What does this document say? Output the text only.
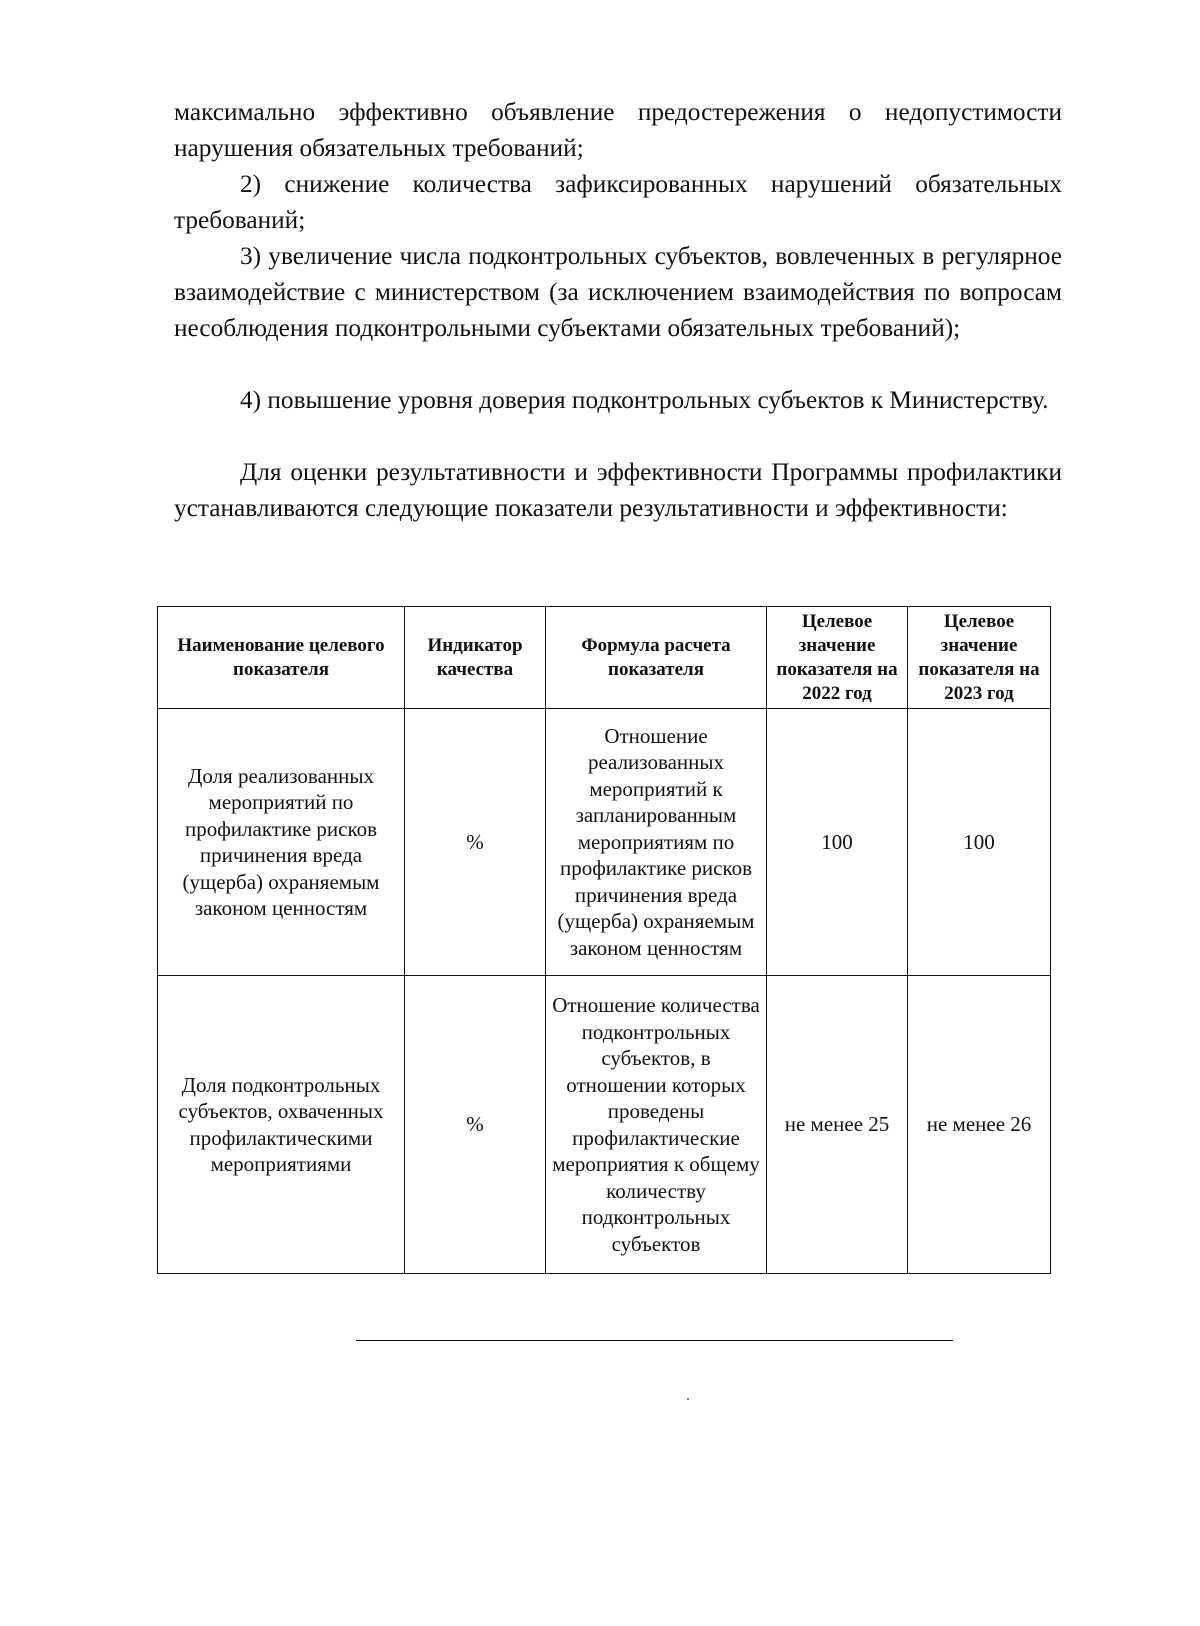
максимально эффективно объявление предостережения о недопустимости нарушения обязательных требований;

2) снижение количества зафиксированных нарушений обязательных требований;

3) увеличение числа подконтрольных субъектов, вовлеченных в регулярное взаимодействие с министерством (за исключением взаимодействия по вопросам несоблюдения подконтрольными субъектами обязательных требований);

4) повышение уровня доверия подконтрольных субъектов к Министерству.

Для оценки результативности и эффективности Программы профилактики устанавливаются следующие показатели результативности и эффективности:

Наименование целевого показателя	Индикатор качества	Формула расчета показателя	Целевое значение показателя на 2022 год	Целевое значение показателя на 2023 год
Доля реализованных мероприятий по профилактике рисков причинения вреда (ущерба) охраняемым законом ценностям	%	Отношение реализованных мероприятий к запланированным мероприятиям по профилактике рисков причинения вреда (ущерба) охраняемым законом ценностям	100	100
Доля подконтрольных субъектов, охваченных профилактическими мероприятиями	%	Отношение количества подконтрольных субъектов, в отношении которых проведены профилактические мероприятия к общему количеству подконтрольных субъектов	не менее 25	не менее 26
